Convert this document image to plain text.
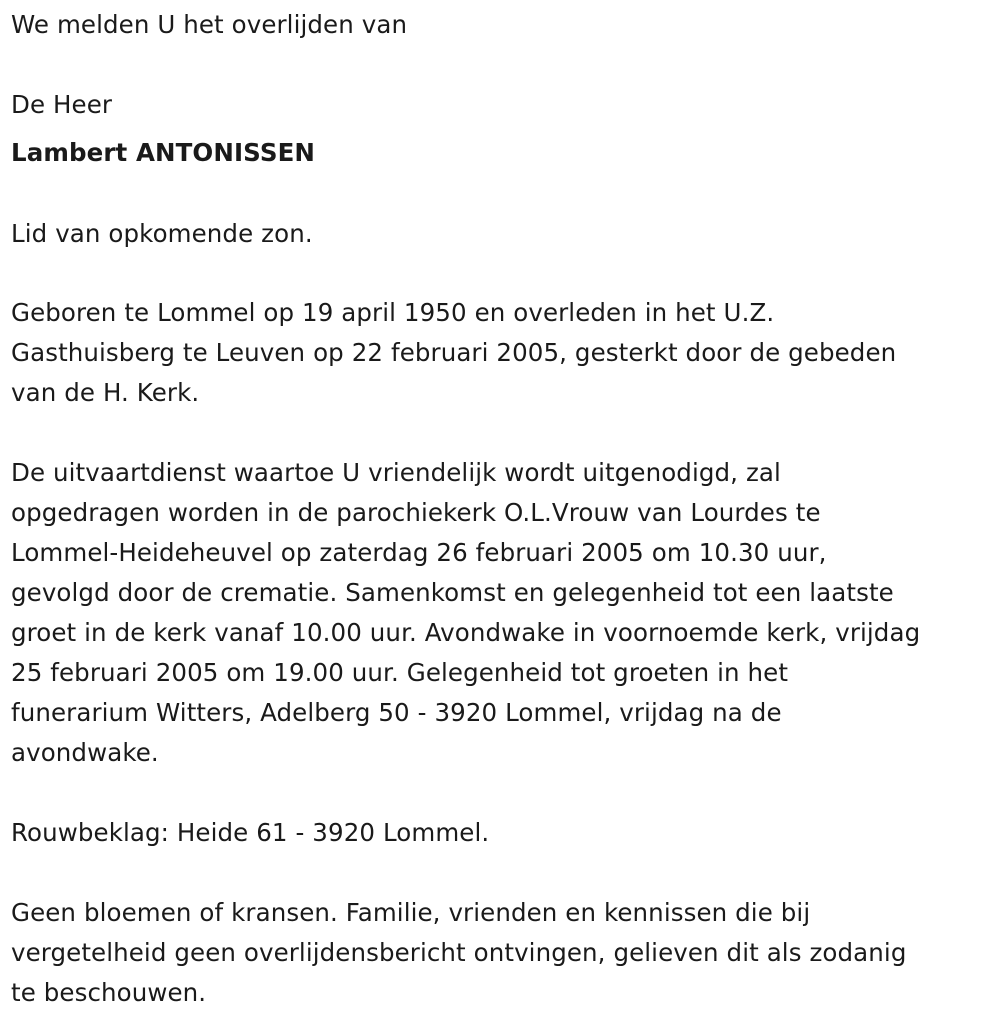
We melden U het overlijden van
De Heer
Lambert ANTONISSEN
Lid van opkomende zon.
Geboren te Lommel op 19 april 1950 en overleden in het U.Z.
Gasthuisberg te Leuven op 22 februari 2005, gesterkt door de gebeden
van de H. Kerk.
De uitvaartdienst waartoe U vriendelijk wordt uitgenodigd, zal
opgedragen worden in de parochiekerk O.L.Vrouw van Lourdes te
Lommel-Heideheuvel op zaterdag 26 februari 2005 om 10.30 uur,
gevolgd door de crematie. Samenkomst en gelegenheid tot een laatste
groet in de kerk vanaf 10.00 uur. Avondwake in voornoemde kerk, vrijdag
25 februari 2005 om 19.00 uur. Gelegenheid tot groeten in het
funerarium Witters, Adelberg 50 - 3920 Lommel, vrijdag na de
avondwake.
Rouwbeklag: Heide 61 - 3920 Lommel.
Geen bloemen of kransen. Familie, vrienden en kennissen die bij
vergetelheid geen overlijdensbericht ontvingen, gelieven dit als zodanig
te beschouwen.
